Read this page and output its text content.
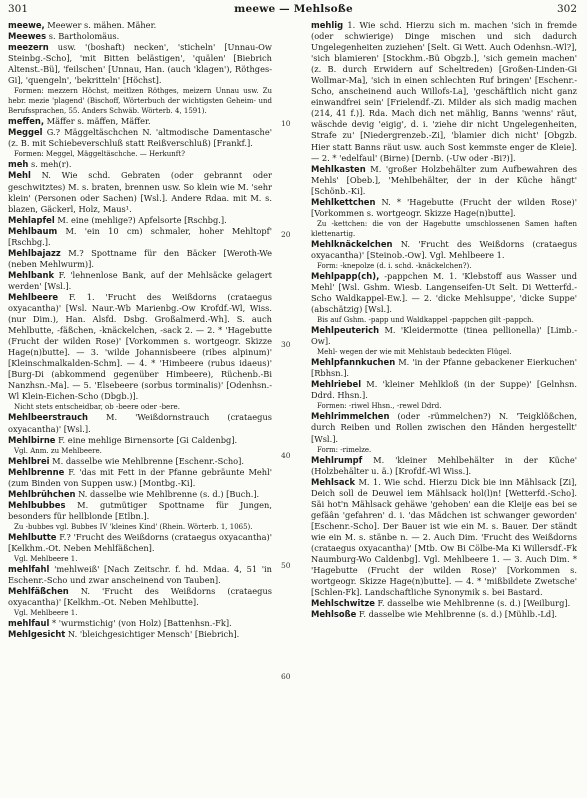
301	meewe — Mehlsoße	302

meewe, Meewer s. mähen. Mäher.

Meewes s. Bartholomäus.

meezern usw. '(boshaft) necken', 'sticheln' [Unnau-Ow Steinbg.-Scho], 'mit Bitten belästigen', 'quälen' [Biebrich Altenst.-Bü], 'feilschen' [Unnau, Han. (auch 'klagen'), Röthges-Gi], 'quengeln', 'bekritteln' [Höchst].

Formen: mezzern Höchst, meitlzen Röthges, meizern Unnau usw. Zu hebr. mezie 'plagend' (Bischoff, Wörterbuch der wichtigsten Geheim- und Berufssprachen, 55. Anders Schwäb. Wörterb. 4, 1591).

meffen, Mäffer s. mäffen, Mäffer.

Meggel G.? Mäggeltäschchen N. 'altmodische Damentasche' (z. B. mit Schiebeverschluß statt Reißverschluß) [Frankf.].

Formen: Meggel, Mäggeltäschche. — Herkunft?

meh s. meh(r).

Mehl N. Wie schd. Gebraten (oder gebrannt oder geschwitztes) M. s. braten, brennen usw. So klein wie M. 'sehr klein' (Personen oder Sachen) [Wsl.]. Andere Rdaa. mit M. s. blazen, Gäckerl, Holz, Maus¹.

Mehlapfel M. eine (mehlige?) Apfelsorte [Rschbg.].

Mehlbaum M. 'ein 10 cm) schmaler, hoher Mehltopf' [Rschbg.].

Mehlbajazz M.? Spottname für den Bäcker [Weroth-We (neben Mehlwurm)].

Mehlbank F. 'lehnenlose Bank, auf der Mehlsäcke gelagert werden' [Wsl.].

Mehlbeere F. 1. 'Frucht des Weißdorns (crataegus oxyacantha)' [Wsl. Naur.-Wb Marienbg.-Ow Krofdf.-Wl, Wiss. (nur Dim.), Han. Alsfd. Dsbg. Großalmerd.-Wh]. S. auch Mehlbutte, -fäßchen, -knäckelchen, -sack 2. — 2. * 'Hagebutte (Frucht der wilden Rose)' [Vorkommen s. wortgeogr. Skizze Hage(n)butte]. — 3. 'wilde Johannisbeere (ribes alpinum)' [Kleinschmalkalden-Schm]. — 4. * 'Himbeere (rubus idaeus)' [Burg-Di (abkommend gegenüber Himbeere), Rüchenb.-Bi Nanzhsn.-Ma]. — 5. 'Elsebeere (sorbus torminalis)' [Odenhsn.-Wl Klein-Eichen-Scho (Dbgb.)].

Nicht stets entscheidbar, ob -beere oder -bere.

Mehlbeerstrauch M. 'Weißdornstrauch (crataegus oxyacantha)' [Wsl.].

Mehlbirne F. eine mehlige Birnensorte [Gi Caldenbg].

Vgl. Anm. zu Mehlbeere.

Mehlbrei M. dasselbe wie Mehlbrenne [Eschenr.-Scho].

Mehlbrenne F. 'das mit Fett in der Pfanne gebräunte Mehl' (zum Binden von Suppen usw.) [Montbg.-Ki].

Mehlbrühchen N. dasselbe wie Mehlbrenne (s. d.) [Buch.].

Mehlbubbes M. gutmütiger Spottname für Jungen, besonders für hellblonde [Etlbn.].

Zu -bubbes vgl. Bubbes IV 'kleines Kind' (Rhein. Wörterb. 1, 1065).

Mehlbutte F.? 'Frucht des Weißdorns (crataegus oxyacantha)' [Kelkhm.-Ot. Neben Mehlfäßchen].

Vgl. Mehlbeere 1.

mehlfahl 'mehlweiß' [Nach Zeitschr. f. hd. Mdaa. 4, 51 'in Eschenr.-Scho und zwar anscheinend von Tauben].

Mehlfäßchen N. 'Frucht des Weißdorns (crataegus oxyacantha)' [Kelkhm.-Ot. Neben Mehlbutte].

Vgl. Mehlbeere 1.

mehlfaul * 'wurmstichig' (von Holz) [Battenhsn.-Fk].

Mehlgesicht N. 'bleichgesichtiger Mensch' [Biebrich].

mehlig 1. Wie schd. Hierzu sich m. machen 'sich in fremde (oder schwierige) Dinge mischen und sich dadurch Ungelegenheiten zuziehen' [Selt. Gi Wett. Auch Odenhsn.-Wl?], 'sich blamieren' [Stockhm.-Bü Obgzb.], 'sich gemein machen' (z. B. durch Erwidern auf Scheltreden) [Großen-Linden-Gi Wollmar-Ma], 'sich in einen schlechten Ruf bringen' [Eschenr.-Scho, anscheinend auch Willofs-La], 'geschäftlich nicht ganz einwandfrei sein' [Frielendf.-Zi. Milder als sich madig machen (214, 41 f.)]. Rda. Mach dich net mählig, Banns 'wenns' räut, wäschde devig 'eigig', d. i. 'ziehe dir nicht Ungelegenheiten, Strafe zu' [Niedergrenzeb.-Zi], 'blamier dich nicht' [Obgzb. Hier statt Banns räut usw. auch Sost kemmste enger de Kleie]. — 2. * 'edelfaul' (Birne) [Dernb. (-Uw oder -Bi?)].

Mehlkasten M. 'großer Holzbehälter zum Aufbewahren des Mehls' [Obeb.], 'Mehlbehälter, der in der Küche hängt' [Schönb.-Ki].

Mehlkettchen N. * 'Hagebutte (Frucht der wilden Rose)' [Vorkommen s. wortgeogr. Skizze Hage(n)butte].

Zu -kettchen: die von der Hagebutte umschlossenen Samen haften klettenartig.

Mehlknäckelchen N. 'Frucht des Weißdorns (crataegus oxyacantha)' [Steinob.-Ow]. Vgl. Mehlbeere 1.

Form: -knepolze (d. i. schd. -knäckelchen?).

Mehlpapp(ch), -pappchen M. 1. 'Klebstoff aus Wasser und Mehl' [Wsl. Gshm. Wiesb. Langenseifen-Ut Selt. Di Wetterfd.-Scho Waldkappel-Ew.]. — 2. 'dicke Mehlsuppe', 'dicke Suppe' (abschätzig) [Wsl.].

Bis auf Gshm. -papp und Waldkappel -pappchen gilt -pappch.

Mehlpeuterich M. 'Kleidermotte (tinea pellionella)' [Limb.-Ow].

Mehl- wegen der wie mit Mehlstaub bedeckten Flügel.

Mehlpfannkuchen M. 'in der Pfanne gebackener Eierkuchen' [Rbhsn.].

Mehlriebel M. 'kleiner Mehlkloß (in der Suppe)' [Gelnhsn. Ddrd. Hhsn.].

Formen: -riwel Hhsn., -rewel Ddrd.

Mehlrimmelchen (oder -rümmelchen?) N. 'Teigklößchen, durch Reiben und Rollen zwischen den Händen hergestellt' [Wsl.].

Form: -rimelze.

Mehlrumpf M. 'kleiner Mehlbehälter in der Küche' (Holzbehälter u. ä.) [Krofdf.-Wl Wiss.].

Mehlsack M. 1. Wie schd. Hierzu Dick bie inn Mählsack [Zi], Deich soll de Deuwel iem Mählsack hol(l)n! [Wetterfd.-Scho]. Säi hot'n Mählsack gehäwe 'gehoben' ean die Kleije eas bei se gefäân 'gefahren' d. i. 'das Mädchen ist schwanger geworden' [Eschenr.-Scho]. Der Bauer ist wie ein M. s. Bauer. Der ständt wie ein M. s. stänbe n. — 2. Auch Dim. 'Frucht des Weißdorns (crataegus oxyacantha)' [Mtb. Ow Bi Cölbe-Ma Ki Willersdf.-Fk Naumburg-Wo Caldenbg]. Vgl. Mehlbeere 1. — 3. Auch Dim. * 'Hagebutte (Frucht der wilden Rose)' [Vorkommen s. wortgeogr. Skizze Hage(n)butte]. — 4. * 'mißbildete Zwetsche' [Schlen-Fk]. Landschaftliche Synonymik s. bei Bastard.

Mehlschwitze F. dasselbe wie Mehlbrenne (s. d.) [Weilburg].

Mehlsoße F. dasselbe wie Mehlbrenne (s. d.) [Mühlb.-Ld].

10
20
30
40
50
60
